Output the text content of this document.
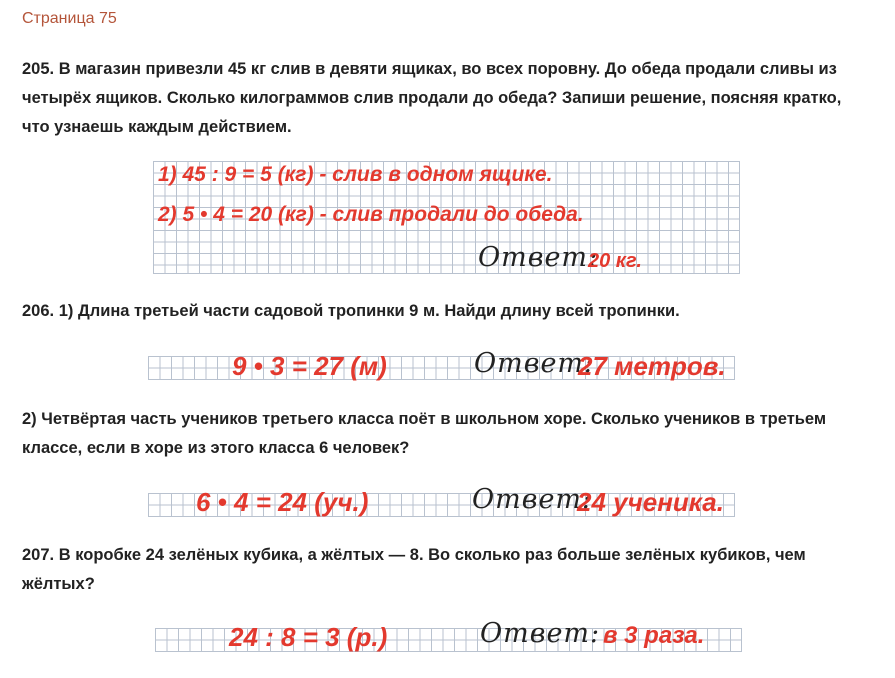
Страница 75
205. В магазин привезли 45 кг слив в девяти ящиках, во всех поровну. До обеда продали сливы из четырёх ящиков. Сколько килограммов слив продали до обеда? Запиши решение, поясняя кратко, что узнаешь каждым действием.
1) 45 : 9 = 5 (кг) - слив в одном ящике.
2) 5 • 4 = 20 (кг) - слив продали до обеда.
Ответ:
20 кг.
206. 1) Длина третьей части садовой тропинки 9 м. Найди длину всей тропинки.
9 • 3 = 27 (м)	Ответ:
27 метров.
2) Четвёртая часть учеников третьего класса поёт в школьном хоре. Сколько учеников в третьем классе, если в хоре из этого класса 6 человек?
6 • 4 = 24 (уч.)	Ответ:
24 ученика.
207. В коробке 24 зелёных кубика, а жёлтых — 8. Во сколько раз больше зелёных кубиков, чем жёлтых?
24 : 8 = 3 (р.)	Ответ: в 3 раза.
